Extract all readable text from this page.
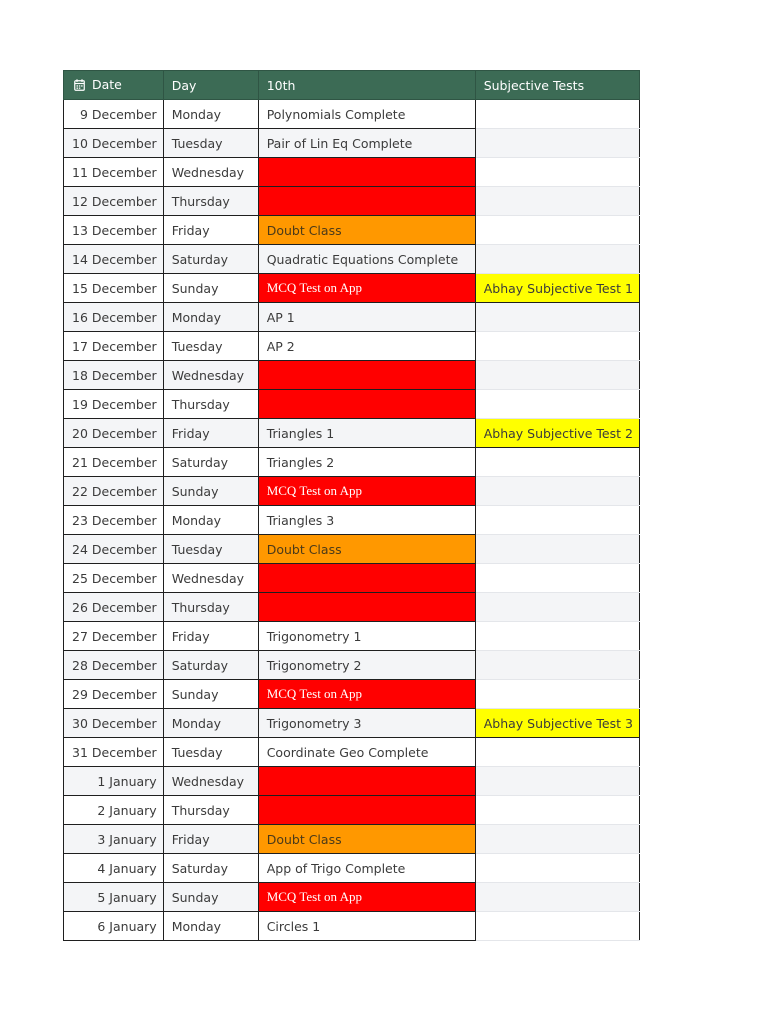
Date	Day	10th	Subjective Tests
9 December	Monday	Polynomials Complete	
10 December	Tuesday	Pair of Lin Eq Complete	
11 December	Wednesday		
12 December	Thursday		
13 December	Friday	Doubt Class	
14 December	Saturday	Quadratic Equations Complete	
15 December	Sunday	MCQ Test on App	Abhay Subjective Test 1
16 December	Monday	AP 1	
17 December	Tuesday	AP 2	
18 December	Wednesday		
19 December	Thursday		
20 December	Friday	Triangles 1	Abhay Subjective Test 2
21 December	Saturday	Triangles 2	
22 December	Sunday	MCQ Test on App	
23 December	Monday	Triangles 3	
24 December	Tuesday	Doubt Class	
25 December	Wednesday		
26 December	Thursday		
27 December	Friday	Trigonometry 1	
28 December	Saturday	Trigonometry 2	
29 December	Sunday	MCQ Test on App	
30 December	Monday	Trigonometry 3	Abhay Subjective Test 3
31 December	Tuesday	Coordinate Geo Complete	
1 January	Wednesday		
2 January	Thursday		
3 January	Friday	Doubt Class	
4 January	Saturday	App of Trigo Complete	
5 January	Sunday	MCQ Test on App	
6 January	Monday	Circles 1	
